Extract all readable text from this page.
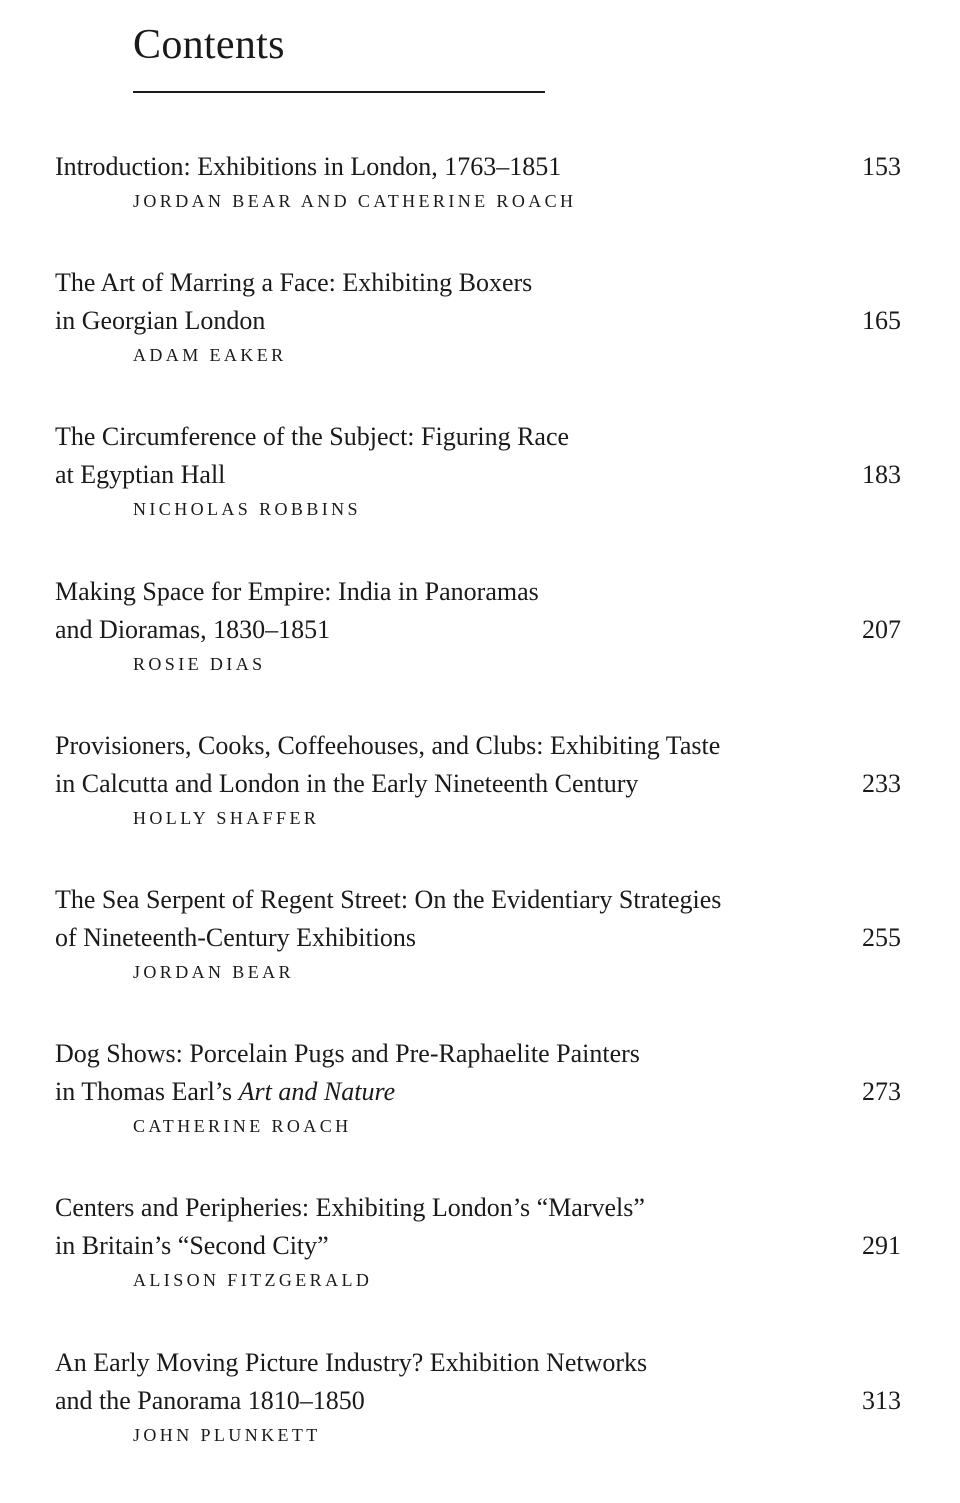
Contents
Introduction: Exhibitions in London, 1763–1851	153
JORDAN BEAR AND CATHERINE ROACH
The Art of Marring a Face: Exhibiting Boxers
in Georgian London	165
ADAM EAKER
The Circumference of the Subject: Figuring Race
at Egyptian Hall	183
NICHOLAS ROBBINS
Making Space for Empire: India in Panoramas
and Dioramas, 1830–1851	207
ROSIE DIAS
Provisioners, Cooks, Coffeehouses, and Clubs: Exhibiting Taste
in Calcutta and London in the Early Nineteenth Century	233
HOLLY SHAFFER
The Sea Serpent of Regent Street: On the Evidentiary Strategies
of Nineteenth-Century Exhibitions	255
JORDAN BEAR
Dog Shows: Porcelain Pugs and Pre-Raphaelite Painters
in Thomas Earl’s Art and Nature	273
CATHERINE ROACH
Centers and Peripheries: Exhibiting London’s “Marvels”
in Britain’s “Second City”	291
ALISON FITZGERALD
An Early Moving Picture Industry? Exhibition Networks
and the Panorama 1810–1850	313
JOHN PLUNKETT
